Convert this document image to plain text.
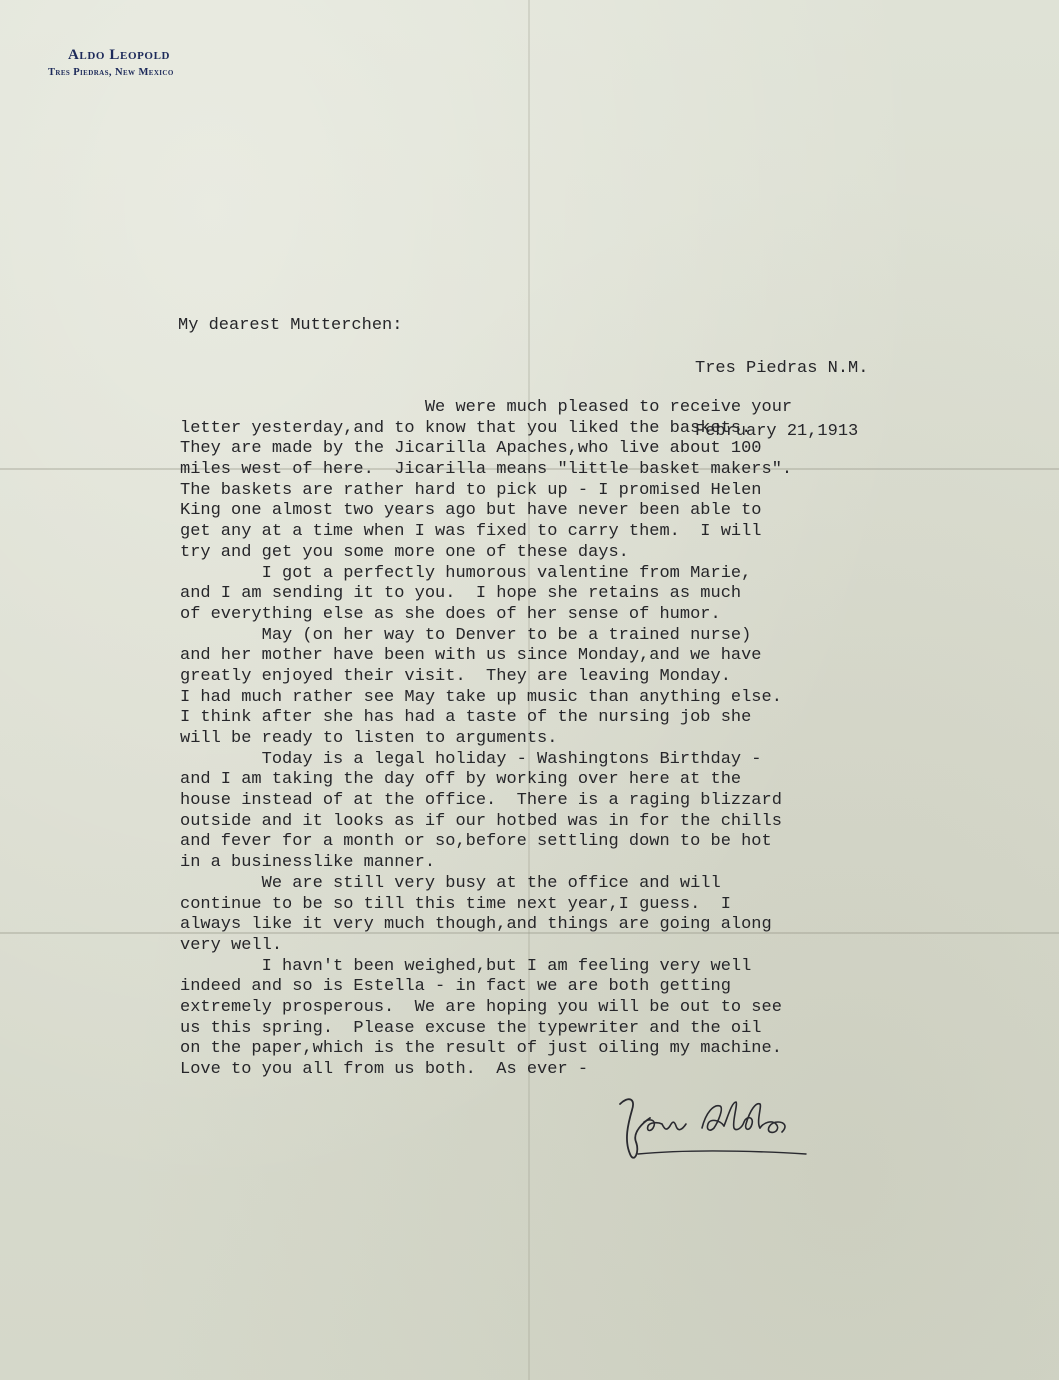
Aldo Leopold
Tres Piedras, New Mexico
My dearest Mutterchen:

Tres Piedras N.M.

February 21,1913

We were much pleased to receive your
letter yesterday,and to know that you liked the baskets.
They are made by the Jicarilla Apaches,who live about 100
miles west of here.  Jicarilla means "little basket makers".
The baskets are rather hard to pick up - I promised Helen
King one almost two years ago but have never been able to
get any at a time when I was fixed to carry them.  I will
try and get you some more one of these days.
I got a perfectly humorous valentine from Marie,
and I am sending it to you.  I hope she retains as much
of everything else as she does of her sense of humor.
May (on her way to Denver to be a trained nurse)
and her mother have been with us since Monday,and we have
greatly enjoyed their visit.  They are leaving Monday.
I had much rather see May take up music than anything else.
I think after she has had a taste of the nursing job she
will be ready to listen to arguments.
Today is a legal holiday - Washingtons Birthday -
and I am taking the day off by working over here at the
house instead of at the office.  There is a raging blizzard
outside and it looks as if our hotbed was in for the chills
and fever for a month or so,before settling down to be hot
in a businesslike manner.
We are still very busy at the office and will
continue to be so till this time next year,I guess.  I
always like it very much though,and things are going along
very well.
I havn't been weighed,but I am feeling very well
indeed and so is Estella - in fact we are both getting
extremely prosperous.  We are hoping you will be out to see
us this spring.  Please excuse the typewriter and the oil
on the paper,which is the result of just oiling my machine.
Love to you all from us both.  As ever -
